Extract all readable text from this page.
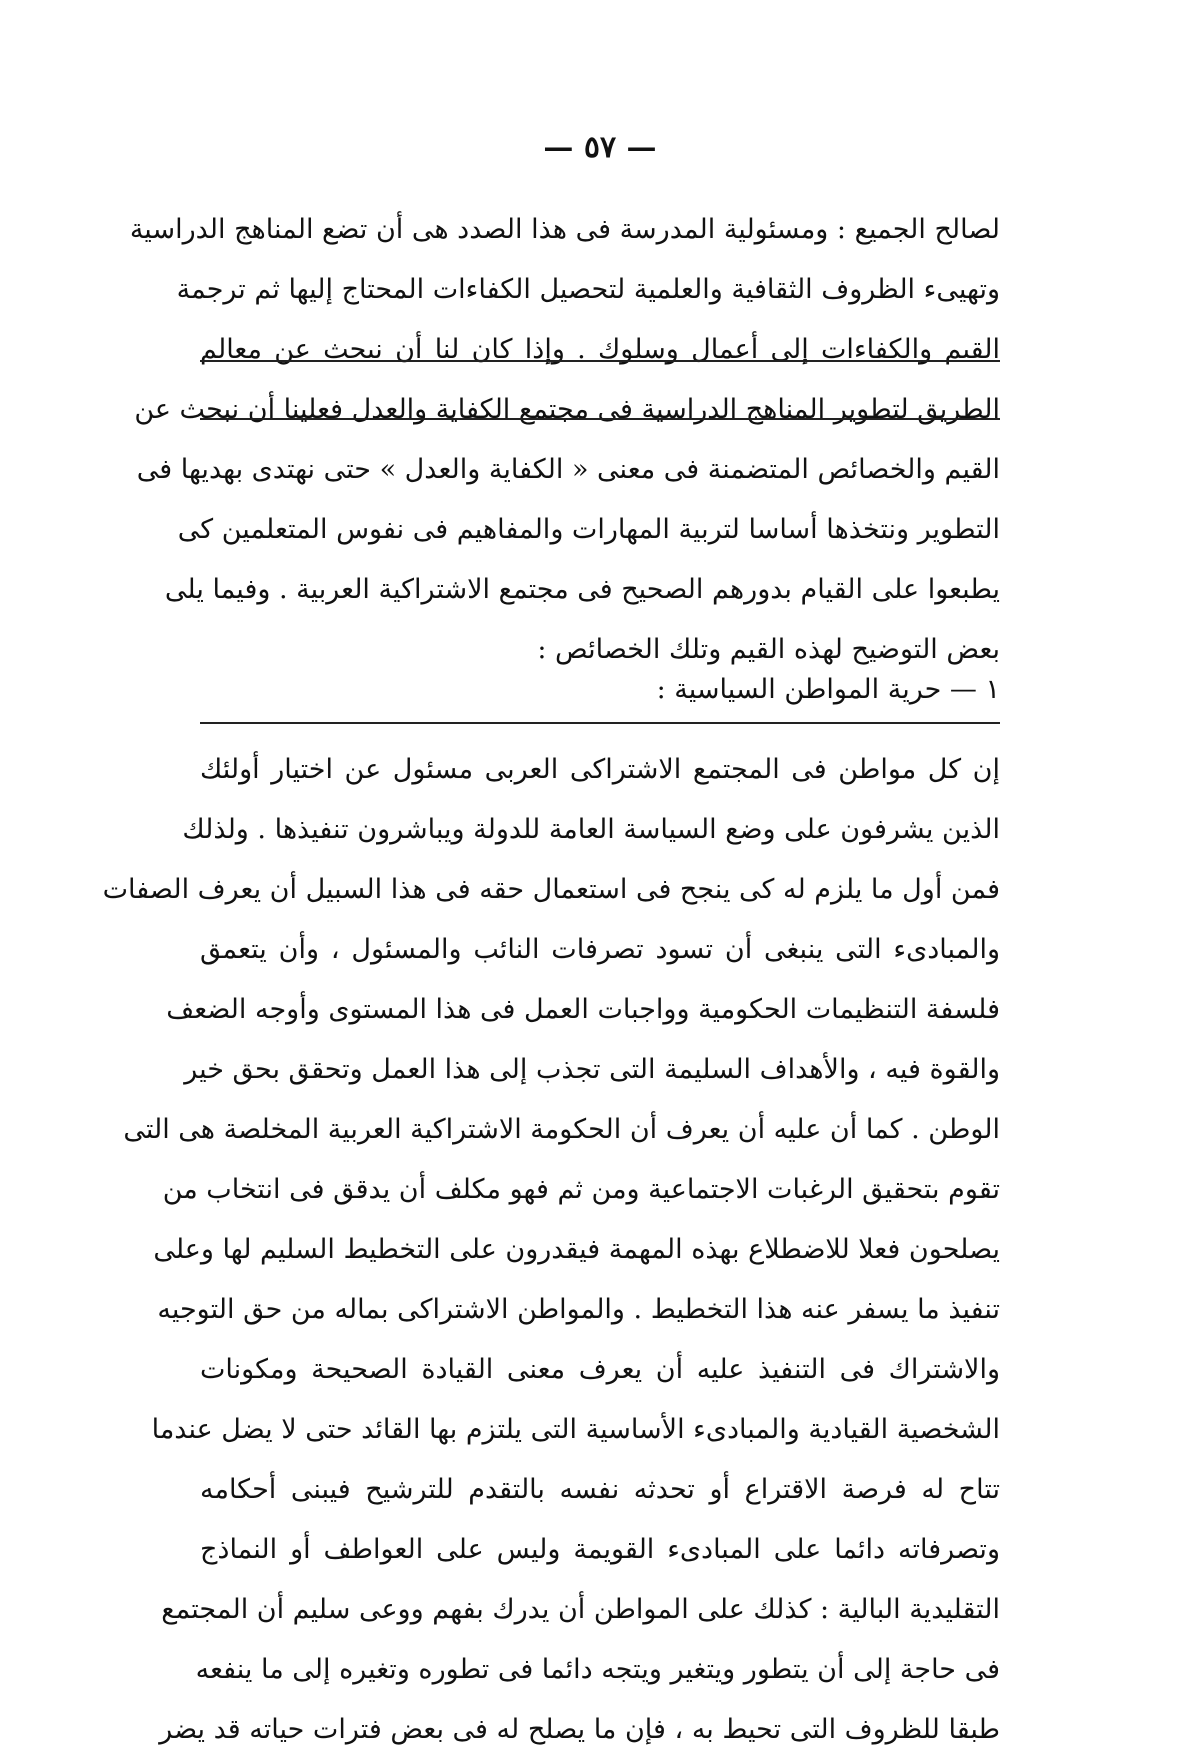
— ٥٧ —
لصالح الجميع : ومسئولية المدرسة فى هذا الصدد هى أن تضع المناهج الدراسية
وتهيىء الظروف الثقافية والعلمية لتحصيل الكفاءات المحتاج إليها ثم ترجمة
القيم والكفاءات إلى أعمال وسلوك . وإذا كان لنا أن نبحث عن معالم
الطريق لتطوير المناهج الدراسية فى مجتمع الكفاية والعدل فعلينا أن نبحث عن
القيم والخصائص المتضمنة فى معنى « الكفاية والعدل » حتى نهتدى بهديها فى
التطوير ونتخذها أساسا لتربية المهارات والمفاهيم فى نفوس المتعلمين كى
يطبعوا على القيام بدورهم الصحيح فى مجتمع الاشتراكية العربية . وفيما يلى
بعض التوضيح لهذه القيم وتلك الخصائص :
١ — حرية المواطن السياسية :
إن كل مواطن فى المجتمع الاشتراكى العربى مسئول عن اختيار أولئك
الذين يشرفون على وضع السياسة العامة للدولة ويباشرون تنفيذها . ولذلك
فمن أول ما يلزم له كى ينجح فى استعمال حقه فى هذا السبيل أن يعرف الصفات
والمبادىء التى ينبغى أن تسود تصرفات النائب والمسئول ، وأن يتعمق
فلسفة التنظيمات الحكومية وواجبات العمل فى هذا المستوى وأوجه الضعف
والقوة فيه ، والأهداف السليمة التى تجذب إلى هذا العمل وتحقق بحق خير
الوطن . كما أن عليه أن يعرف أن الحكومة الاشتراكية العربية المخلصة هى التى
تقوم بتحقيق الرغبات الاجتماعية ومن ثم فهو مكلف أن يدقق فى انتخاب من
يصلحون فعلا للاضطلاع بهذه المهمة فيقدرون على التخطيط السليم لها وعلى
تنفيذ ما يسفر عنه هذا التخطيط . والمواطن الاشتراكى بماله من حق التوجيه
والاشتراك فى التنفيذ عليه أن يعرف معنى القيادة الصحيحة ومكونات
الشخصية القيادية والمبادىء الأساسية التى يلتزم بها القائد حتى لا يضل عندما
تتاح له فرصة الاقتراع أو تحدثه نفسه بالتقدم للترشيح فيبنى أحكامه
وتصرفاته دائما على المبادىء القويمة وليس على العواطف أو النماذج
التقليدية البالية : كذلك على المواطن أن يدرك بفهم ووعى سليم أن المجتمع
فى حاجة إلى أن يتطور ويتغير ويتجه دائما فى تطوره وتغيره إلى ما ينفعه
طبقا للظروف التى تحيط به ، فإن ما يصلح له فى بعض فترات حياته قد يضر
